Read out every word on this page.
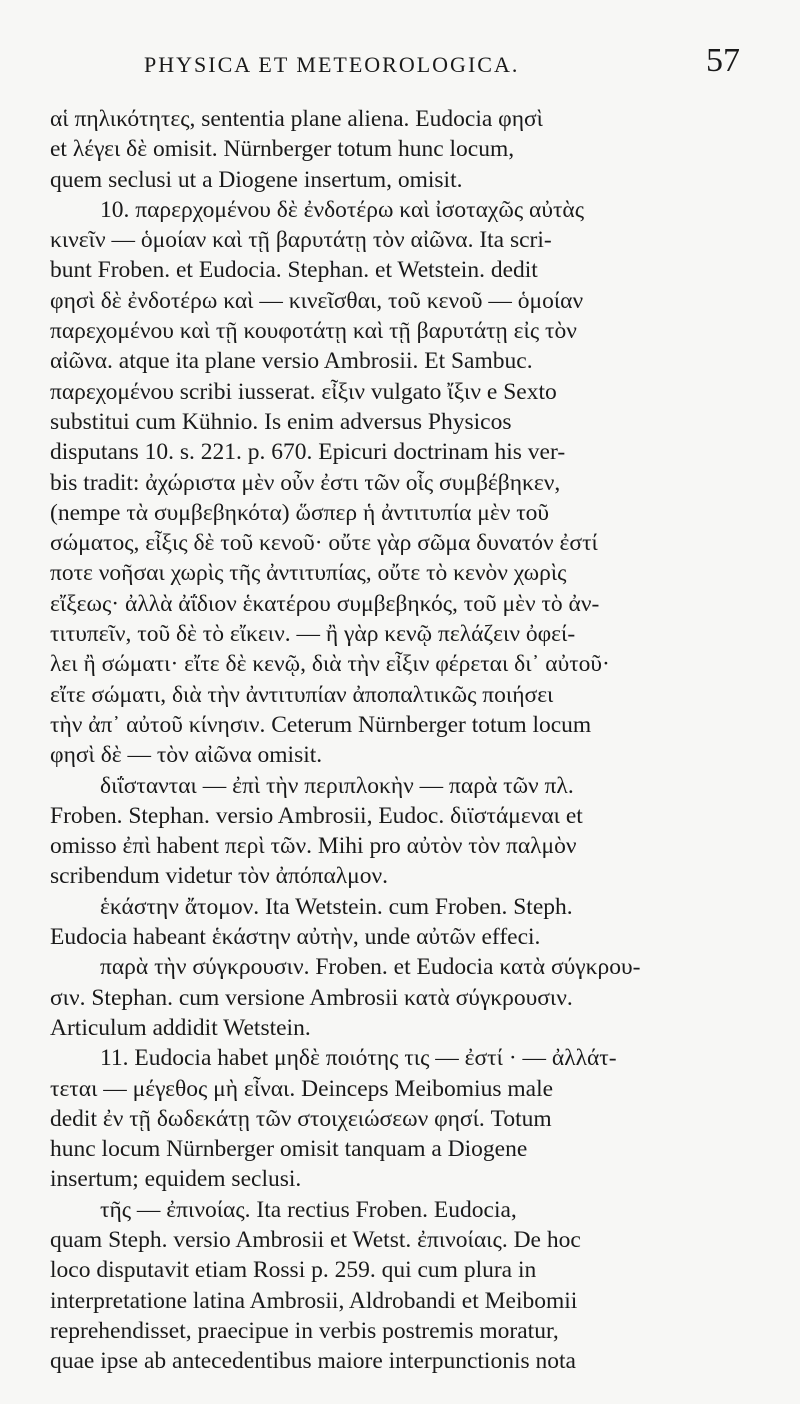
PHYSICA ET METEOROLOGICA.	57
αἱ πηλικότητες, sententia plane aliena. Eudocia φησὶ
et λέγει δὲ omisit. Nürnberger totum hunc locum,
quem seclusi ut a Diogene insertum, omisit.
10. παρερχομένου δὲ ἐνδοτέρω καὶ ἰσοταχῶς αὐτὰς
κινεῖν — ὁμοίαν καὶ τῇ βαρυτάτῃ τὸν αἰῶνα. Ita scri-
bunt Froben. et Eudocia. Stephan. et Wetstein. dedit
φησὶ δὲ ἐνδοτέρω καὶ — κινεῖσθαι, τοῦ κενοῦ — ὁμοίαν
παρεχομένου καὶ τῇ κουφοτάτῃ καὶ τῇ βαρυτάτῃ εἰς τὸν
αἰῶνα. atque ita plane versio Ambrosii. Et Sambuc.
παρεχομένου scribi iusserat. εἶξιν vulgato ἴξιν e Sexto
substitui cum Kühnio. Is enim adversus Physicos
disputans 10. s. 221. p. 670. Epicuri doctrinam his ver-
bis tradit: ἀχώριστα μὲν οὖν ἐστι τῶν οἷς συμβέβηκεν,
(nempe τὰ συμβεβηκότα) ὥσπερ ἡ ἀντιτυπία μὲν τοῦ
σώματος, εἶξις δὲ τοῦ κενοῦ· οὔτε γὰρ σῶμα δυνατόν ἐστί
ποτε νοῆσαι χωρὶς τῆς ἀντιτυπίας, οὔτε τὸ κενὸν χωρὶς
εἴξεως· ἀλλὰ ἀΐδιον ἑκατέρου συμβεβηκός, τοῦ μὲν τὸ ἀν-
τιτυπεῖν, τοῦ δὲ τὸ εἴκειν. — ἢ γὰρ κενῷ πελάζειν ὀφεί-
λει ἢ σώματι· εἴτε δὲ κενῷ, διὰ τὴν εἶξιν φέρεται δι᾽ αὐτοῦ·
εἴτε σώματι, διὰ τὴν ἀντιτυπίαν ἀποπαλτικῶς ποιήσει
τὴν ἀπ᾽ αὐτοῦ κίνησιν. Ceterum Nürnberger totum locum
φησὶ δὲ — τὸν αἰῶνα omisit.
διΐστανται — ἐπὶ τὴν περιπλοκὴν — παρὰ τῶν πλ.
Froben. Stephan. versio Ambrosii, Eudoc. διϊστάμεναι et
omisso ἐπὶ habent περὶ τῶν. Mihi pro αὐτὸν τὸν παλμὸν
scribendum videtur τὸν ἀπόπαλμον.
ἑκάστην ἄτομον. Ita Wetstein. cum Froben. Steph.
Eudocia habeant ἑκάστην αὐτὴν, unde αὐτῶν effeci.
παρὰ τὴν σύγκρουσιν. Froben. et Eudocia κατὰ σύγκρου-
σιν. Stephan. cum versione Ambrosii κατὰ σύγκρουσιν.
Articulum addidit Wetstein.
11. Eudocia habet μηδὲ ποιότης τις — ἐστί · — ἀλλάτ-
τεται — μέγεθος μὴ εἶναι. Deinceps Meibomius male
dedit ἐν τῇ δωδεκάτῃ τῶν στοιχειώσεων φησί. Totum
hunc locum Nürnberger omisit tanquam a Diogene
insertum; equidem seclusi.
τῆς — ἐπινοίας. Ita rectius Froben. Eudocia,
quam Steph. versio Ambrosii et Wetst. ἐπινοίαις. De hoc
loco disputavit etiam Rossi p. 259. qui cum plura in
interpretatione latina Ambrosii, Aldrobandi et Meibomii
reprehendisset, praecipue in verbis postremis moratur,
quae ipse ab antecedentibus maiore interpunctionis nota
